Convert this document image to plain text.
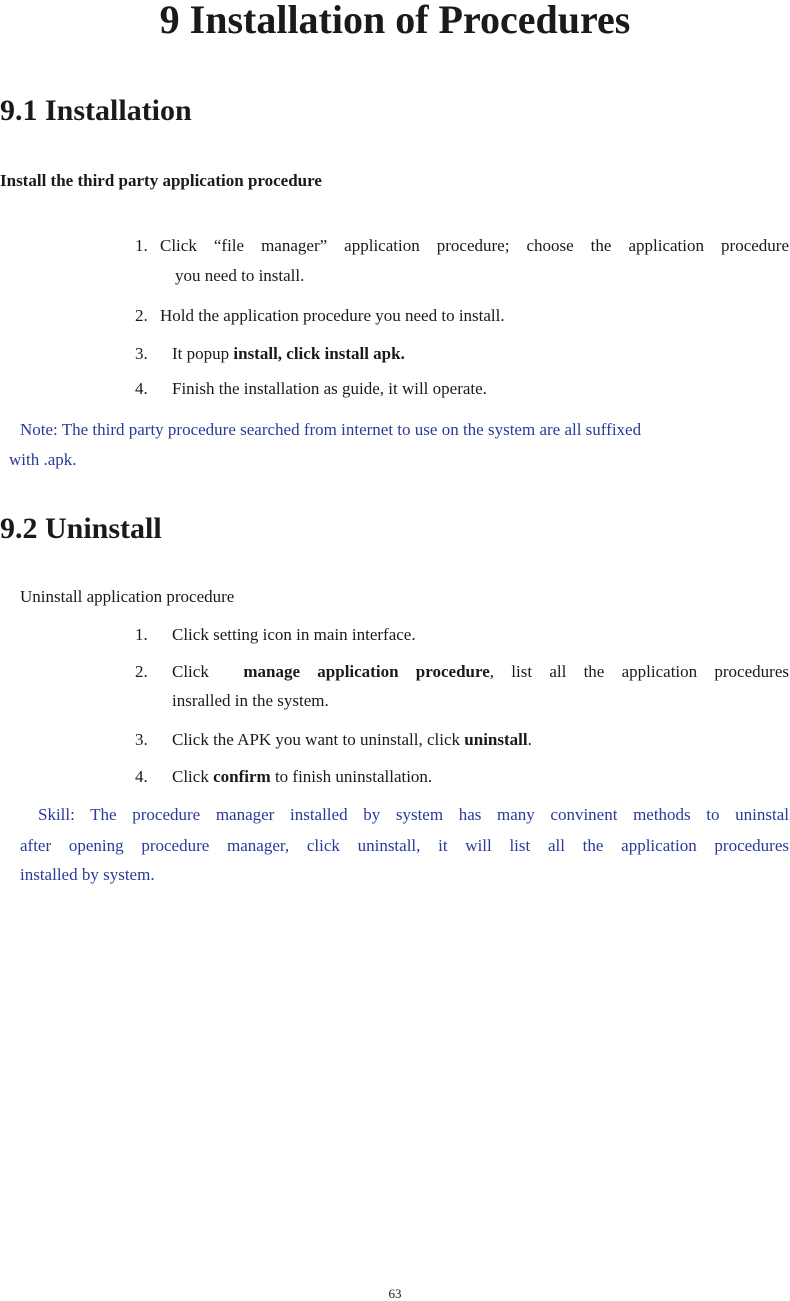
9 Installation of Procedures
9.1 Installation

Install the third party application procedure

1. Click “file manager” application procedure; choose the application procedure

you need to install.

2. Hold the application procedure you need to install.
3. It popup install, click install apk.
4. Finish the installation as guide, it will operate.

Note: The third party procedure searched from internet to use on the system are all suffixed

with .apk.

9.2 Uninstall

Uninstall application procedure

1. Click setting icon in main interface.
2. Click  manage application procedure, list all the application procedures

insralled in the system.

3. Click the APK you want to uninstall, click uninstall.
4. Click confirm to finish uninstallation.

Skill: The procedure manager installed by system has many convinent methods to uninstal

after opening procedure manager, click uninstall, it will list all the application procedures

installed by system.

63
